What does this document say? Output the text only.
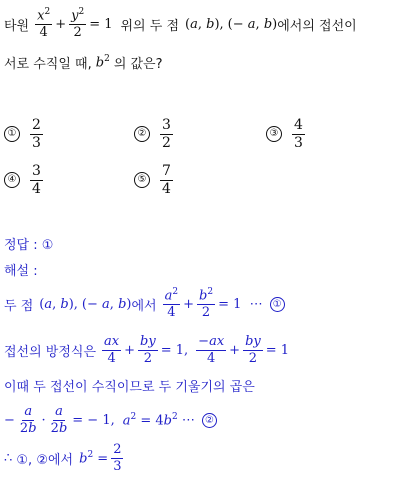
타원 $\frac{x^2}{4} + \frac{y^2}{2} = 1$ 위의 두 점 (a, b) , (− a, b) 에서의 접선이
서로 수직일 때, $b^2$ 의 값은?
① $\frac{2}{3}$	② $\frac{3}{2}$	③ $\frac{4}{3}$
④ $\frac{3}{4}$	⑤ $\frac{7}{4}$
정답 : ①
해설 :
두 점 (a, b) , (− a, b) 에서 $\frac{a^2}{4} + \frac{b^2}{2} = 1$  ⋯ ①
접선의 방정식은 $\frac{ax}{4} + \frac{by}{2} = 1$, $\frac{-ax}{4} + \frac{by}{2} = 1$
이때 두 접선이 수직이므로 두 기울기의 곱은
− $\frac{a}{2b} \cdot \frac{a}{2b}$ = − 1, $a^2 = 4b^2$ ⋯ ②
∴ ①, ②에서 $b^2 = \frac{2}{3}$
